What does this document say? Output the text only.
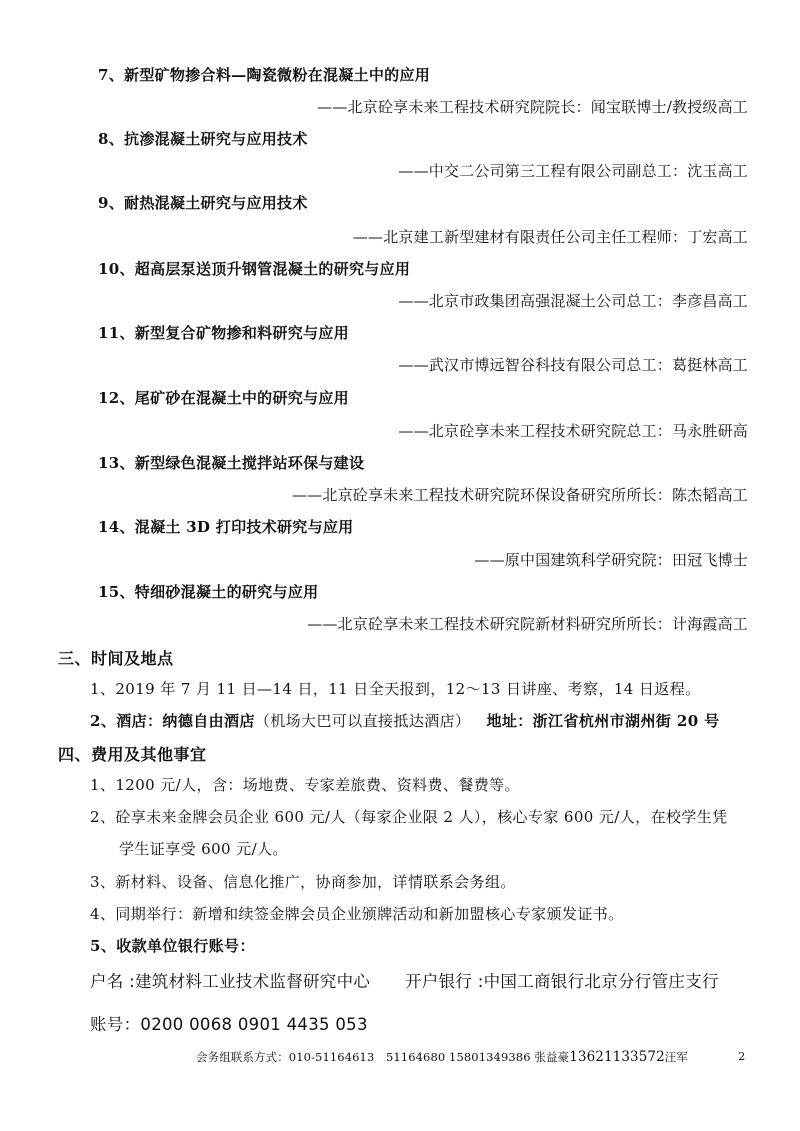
7、新型矿物掺合料—陶瓷微粉在混凝土中的应用
——北京砼享未来工程技术研究院院长：闻宝联博士/教授级高工
8、抗渗混凝土研究与应用技术
——中交二公司第三工程有限公司副总工：沈玉高工
9、耐热混凝土研究与应用技术
——北京建工新型建材有限责任公司主任工程师：丁宏高工
10、超高层泵送顶升钢管混凝土的研究与应用
——北京市政集团高强混凝土公司总工：李彦昌高工
11、新型复合矿物掺和料研究与应用
——武汉市博远智谷科技有限公司总工：葛挺林高工
12、尾矿砂在混凝土中的研究与应用
——北京砼享未来工程技术研究院总工：马永胜研高
13、新型绿色混凝土搅拌站环保与建设
——北京砼享未来工程技术研究院环保设备研究所所长：陈杰韬高工
14、混凝土 3D 打印技术研究与应用
——原中国建筑科学研究院：田冠飞博士
15、特细砂混凝土的研究与应用
——北京砼享未来工程技术研究院新材料研究所所长：计海霞高工
三、时间及地点
1、2019 年 7 月 11 日—14 日，11 日全天报到，12～13 日讲座、考察，14 日返程。
2、酒店：纳德自由酒店（机场大巴可以直接抵达酒店） 地址：浙江省杭州市湖州街 20 号
四、费用及其他事宜
1、1200 元/人，含：场地费、专家差旅费、资料费、餐费等。
2、砼享未来金牌会员企业 600 元/人（每家企业限 2 人），核心专家 600 元/人，在校学生凭
学生证享受 600 元/人。
3、新材料、设备、信息化推广，协商参加，详情联系会务组。
4、同期举行：新增和续签金牌会员企业颁牌活动和新加盟核心专家颁发证书。
5、收款单位银行账号：
户名 :建筑材料工业技术监督研究中心 开户银行 :中国工商银行北京分行管庄支行
账号：0200 0068 0901 4435 053
会务组联系方式：010-51164613　51164680 15801349386 张益豪13621133572汪军	2
